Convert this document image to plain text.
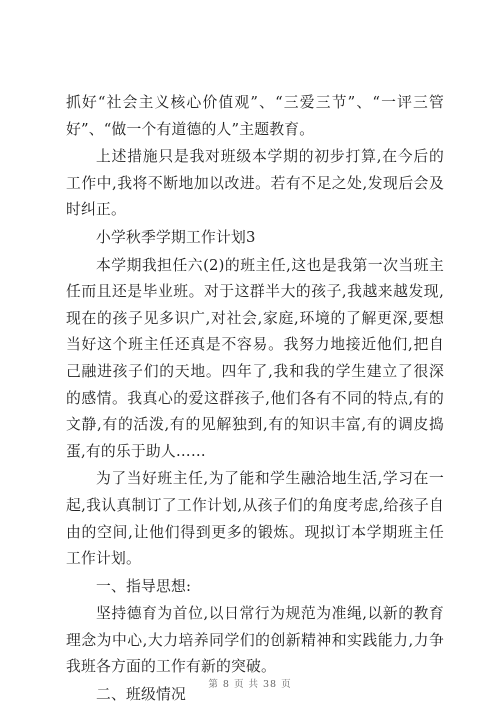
抓好“社会主义核心价值观”、“三爱三节”、“一评三管好”、“做一个有道德的人”主题教育。

上述措施只是我对班级本学期的初步打算,在今后的工作中,我将不断地加以改进。若有不足之处,发现后会及时纠正。

小学秋季学期工作计划3

本学期我担任六(2)的班主任,这也是我第一次当班主任而且还是毕业班。对于这群半大的孩子,我越来越发现,现在的孩子见多识广,对社会,家庭,环境的了解更深,要想当好这个班主任还真是不容易。我努力地接近他们,把自己融进孩子们的天地。四年了,我和我的学生建立了很深的感情。我真心的爱这群孩子,他们各有不同的特点,有的文静,有的活泼,有的见解独到,有的知识丰富,有的调皮捣蛋,有的乐于助人……

为了当好班主任,为了能和学生融洽地生活,学习在一起,我认真制订了工作计划,从孩子们的角度考虑,给孩子自由的空间,让他们得到更多的锻炼。现拟订本学期班主任工作计划。

一、指导思想:

坚持德育为首位,以日常行为规范为准绳,以新的教育理念为中心,大力培养同学们的创新精神和实践能力,力争我班各方面的工作有新的突破。

二、班级情况

第 8 页 共 38 页
